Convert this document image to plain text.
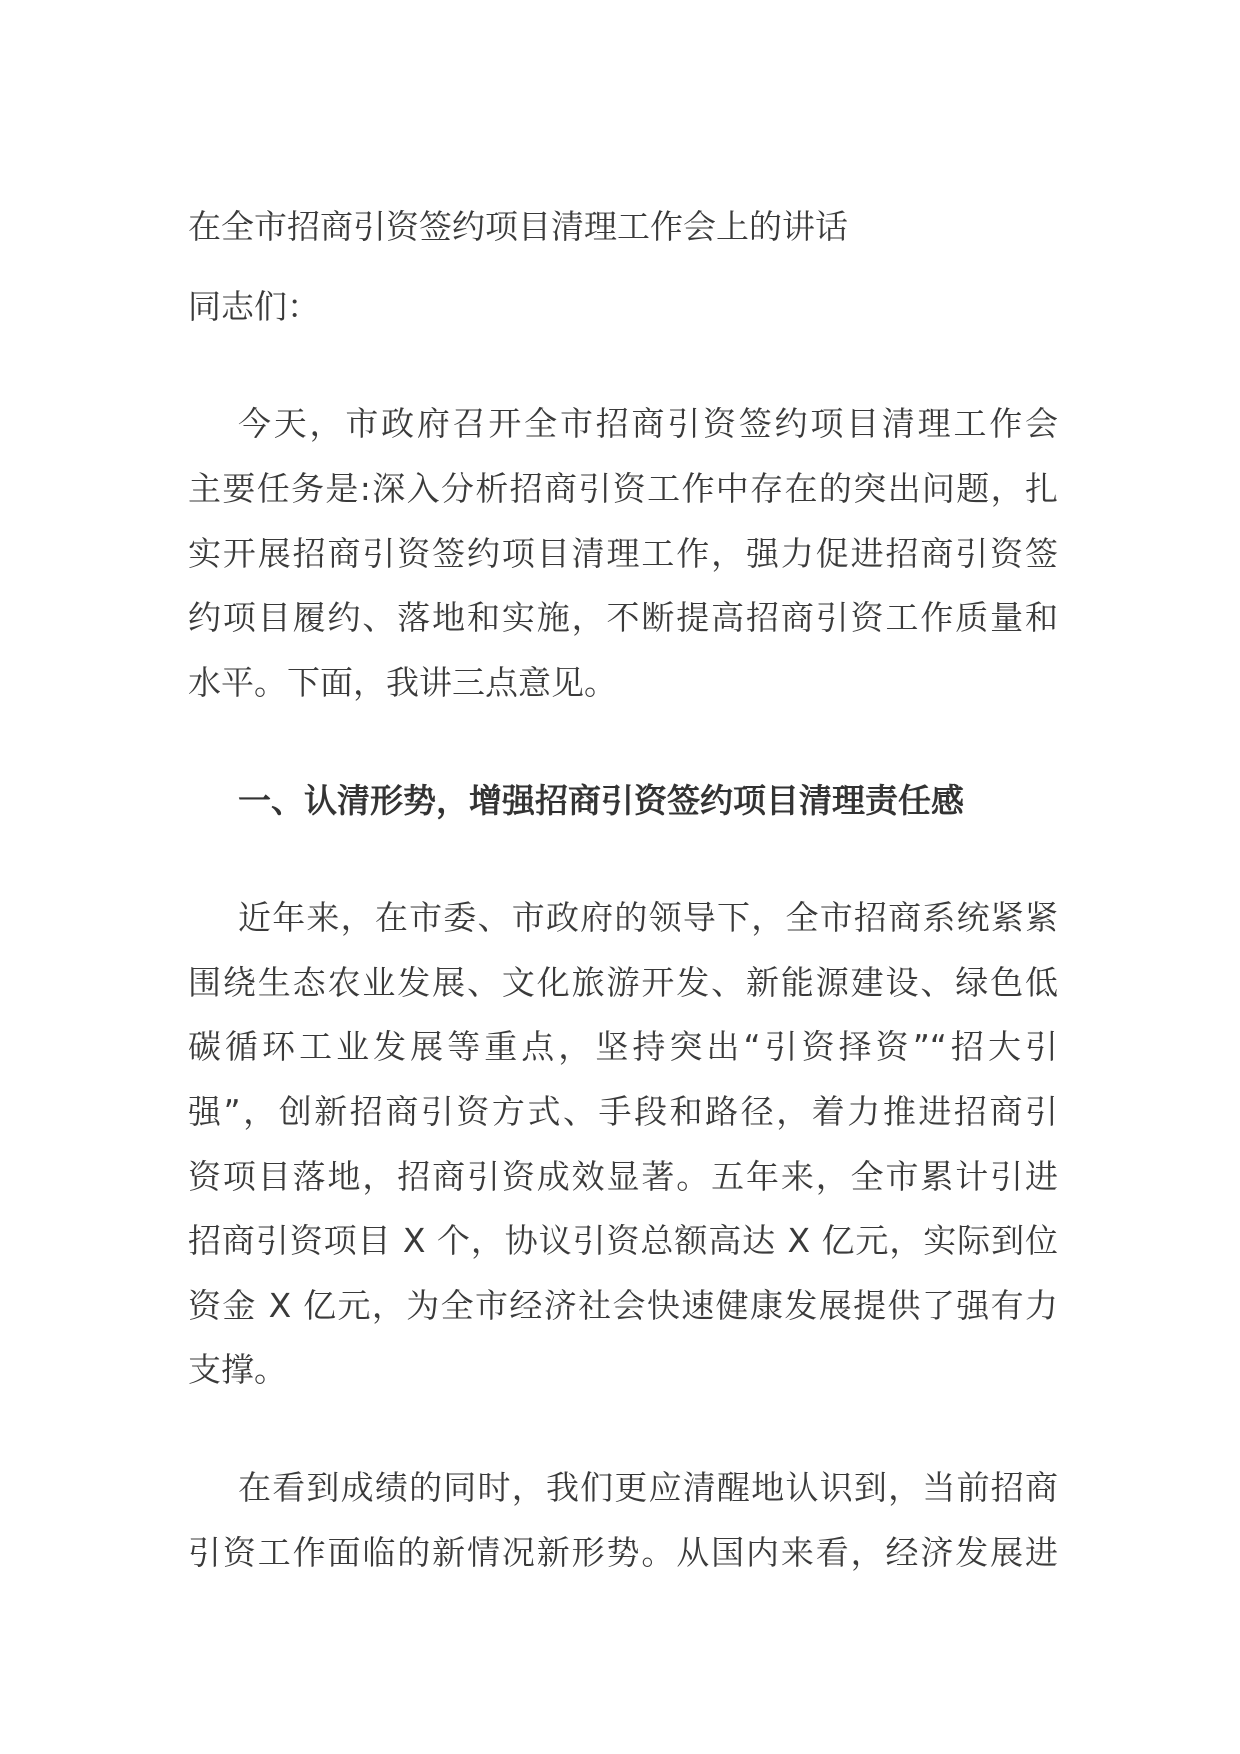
在全市招商引资签约项目清理工作会上的讲话
同志们：
今天，市政府召开全市招商引资签约项目清理工作会
主要任务是:深入分析招商引资工作中存在的突出问题，扎
实开展招商引资签约项目清理工作，强力促进招商引资签
约项目履约、落地和实施，不断提高招商引资工作质量和
水平。下面，我讲三点意见。
一、认清形势，增强招商引资签约项目清理责任感
近年来，在市委、市政府的领导下，全市招商系统紧紧
围绕生态农业发展、文化旅游开发、新能源建设、绿色低
碳循环工业发展等重点，坚持突出“引资择资”“招大引
强”，创新招商引资方式、手段和路径，着力推进招商引
资项目落地，招商引资成效显著。五年来，全市累计引进
招商引资项目 X 个，协议引资总额高达 X 亿元，实际到位
资金 X 亿元，为全市经济社会快速健康发展提供了强有力
支撑。
在看到成绩的同时，我们更应清醒地认识到，当前招商
引资工作面临的新情况新形势。从国内来看，经济发展进
